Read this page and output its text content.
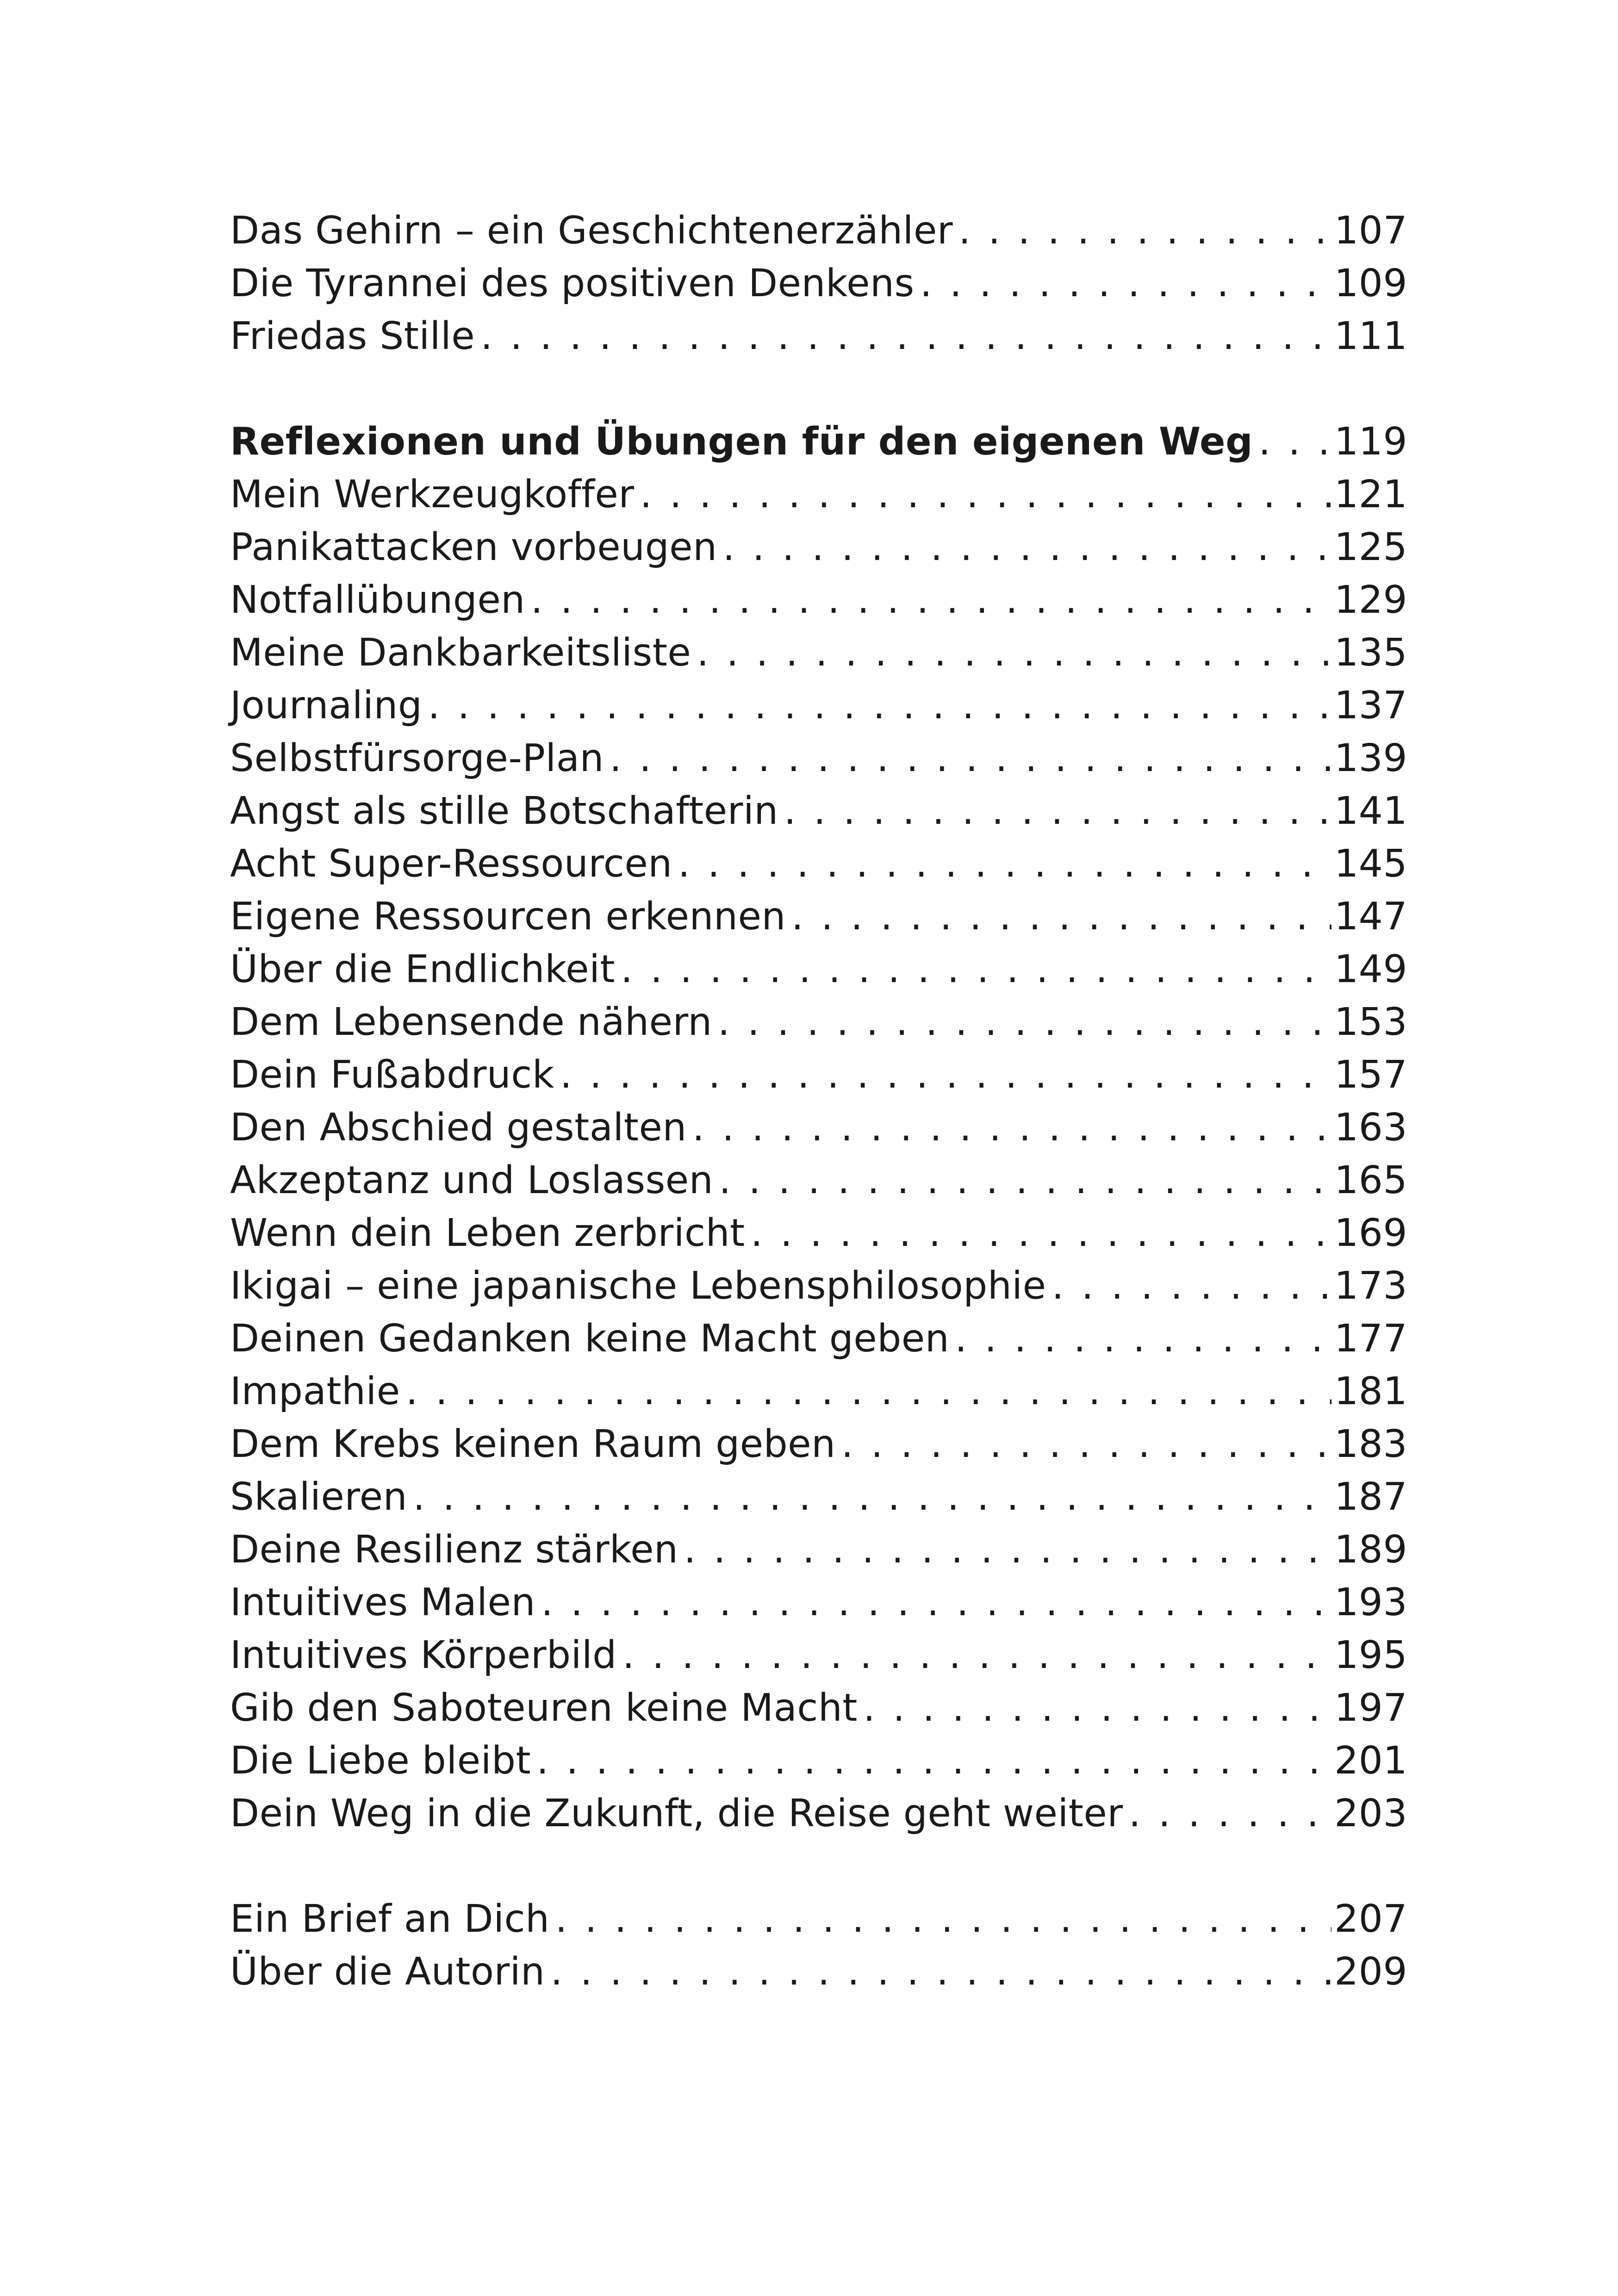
Das Gehirn – ein Geschichtenerzähler . . .	107
Die Tyrannei des positiven Denkens . . .	109
Friedas Stille . . .	111
Reflexionen und Übungen für den eigenen Weg . . . 119
Mein Werkzeugkoffer . . .	121
Panikattacken vorbeugen . . .	125
Notfallübungen . . .	129
Meine Dankbarkeitsliste . . .	135
Journaling . . .	137
Selbstfürsorge-Plan . . .	139
Angst als stille Botschafterin . . .	141
Acht Super-Ressourcen . . .	145
Eigene Ressourcen erkennen . . .	147
Über die Endlichkeit . . .	149
Dem Lebensende nähern . . .	153
Dein Fußabdruck . . .	157
Den Abschied gestalten . . .	163
Akzeptanz und Loslassen . . .	165
Wenn dein Leben zerbricht . . .	169
Ikigai – eine japanische Lebensphilosophie . . .	173
Deinen Gedanken keine Macht geben . . .	177
Impathie . . .	181
Dem Krebs keinen Raum geben . . .	183
Skalieren . . .	187
Deine Resilienz stärken . . .	189
Intuitives Malen . . .	193
Intuitives Körperbild . . .	195
Gib den Saboteuren keine Macht . . .	197
Die Liebe bleibt . . .	201
Dein Weg in die Zukunft, die Reise geht weiter . . .	203
Ein Brief an Dich . . .	207
Über die Autorin . . .	209
